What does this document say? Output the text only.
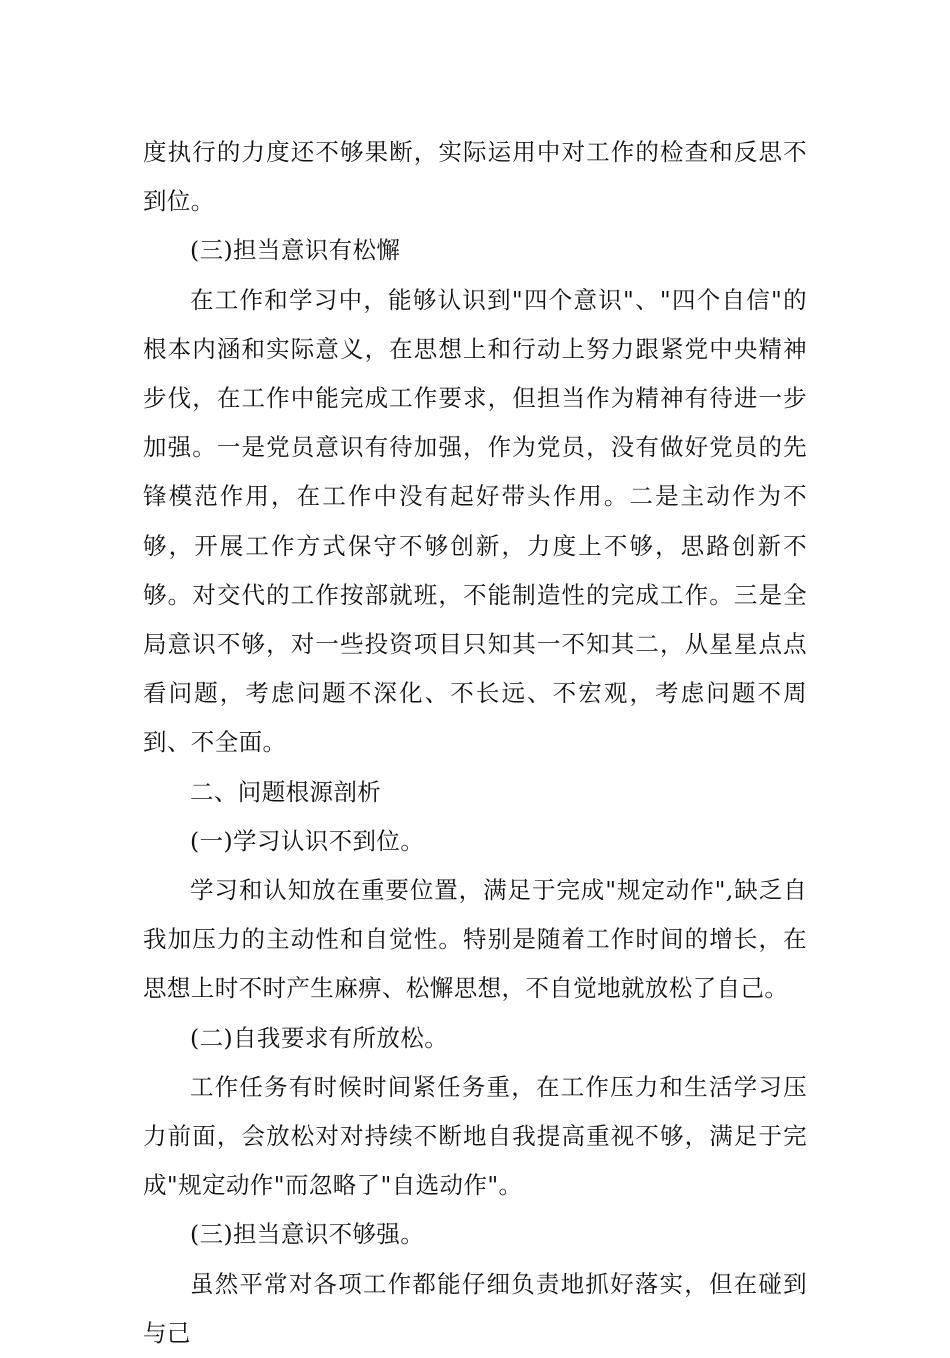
度执行的力度还不够果断，实际运用中对工作的检查和反思不到位。

(三)担当意识有松懈

在工作和学习中，能够认识到"四个意识"、"四个自信"的根本内涵和实际意义，在思想上和行动上努力跟紧党中央精神步伐，在工作中能完成工作要求，但担当作为精神有待进一步加强。一是党员意识有待加强，作为党员，没有做好党员的先锋模范作用，在工作中没有起好带头作用。二是主动作为不够，开展工作方式保守不够创新，力度上不够，思路创新不够。对交代的工作按部就班，不能制造性的完成工作。三是全局意识不够，对一些投资项目只知其一不知其二，从星星点点看问题，考虑问题不深化、不长远、不宏观，考虑问题不周到、不全面。

二、问题根源剖析

(一)学习认识不到位。

学习和认知放在重要位置，满足于完成"规定动作",缺乏自我加压力的主动性和自觉性。特别是随着工作时间的增长，在思想上时不时产生麻痹、松懈思想，不自觉地就放松了自己。

(二)自我要求有所放松。

工作任务有时候时间紧任务重，在工作压力和生活学习压力前面，会放松对对持续不断地自我提高重视不够，满足于完成"规定动作"而忽略了"自选动作"。

(三)担当意识不够强。

虽然平常对各项工作都能仔细负责地抓好落实，但在碰到与己
